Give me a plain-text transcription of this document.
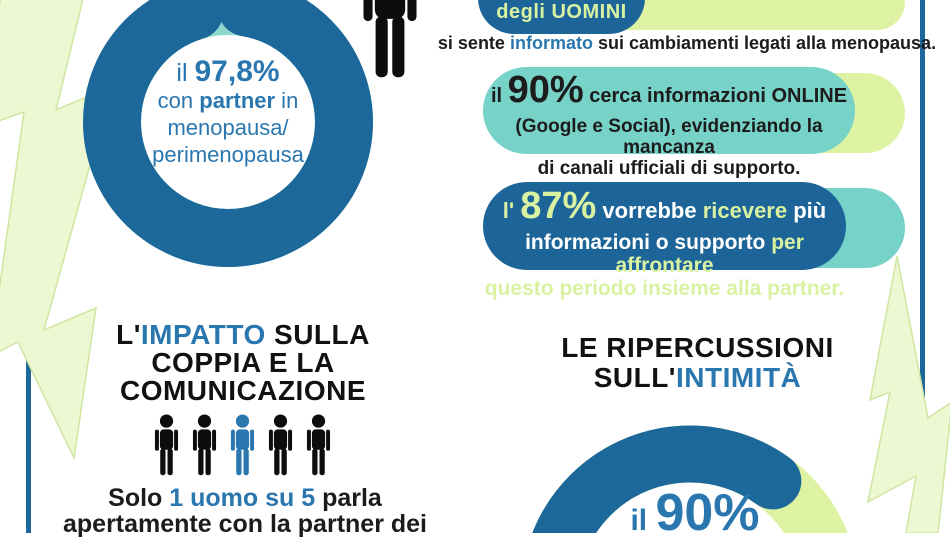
il 97,8%
con partner in
menopausa/
perimenopausa
degli UOMINI
si sente informato sui cambiamenti legati alla menopausa.
il 90% cerca informazioni ONLINE
(Google e Social), evidenziando la mancanza
di canali ufficiali di supporto.
l' 87% vorrebbe ricevere più
informazioni o supporto per affrontare
questo periodo insieme alla partner.
L'IMPATTO SULLA
COPPIA E LA
COMUNICAZIONE
Solo 1 uomo su 5 parla
apertamente con la partner dei
LE RIPERCUSSIONI
SULL'INTIMITÀ
il 90%
